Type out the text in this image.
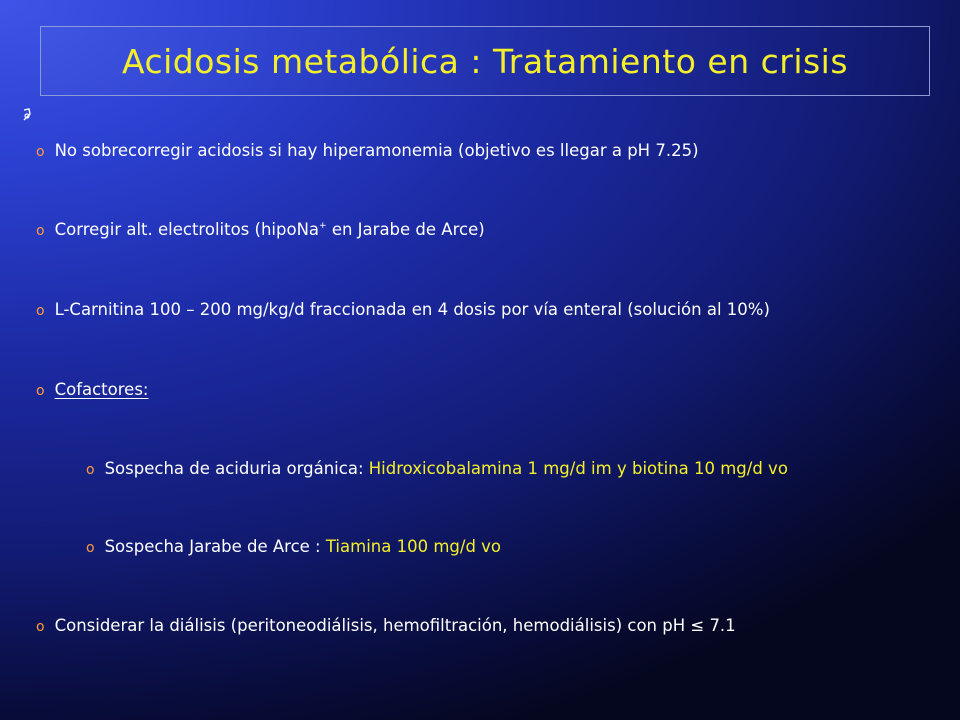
Acidosis metabólica : Tratamiento en crisis
o No sobrecorregir acidosis si hay hiperamonemia (objetivo es llegar a pH 7.25)
o Corregir alt. electrolitos (hipoNa+ en Jarabe de Arce)
o L-Carnitina 100 – 200 mg/kg/d fraccionada en 4 dosis por vía enteral (solución al 10%)
o Cofactores:
o Sospecha de aciduria orgánica: Hidroxicobalamina 1 mg/d im y biotina 10 mg/d vo
o Sospecha Jarabe de Arce : Tiamina 100 mg/d vo
o Considerar la diálisis (peritoneodiálisis, hemofiltración, hemodiálisis) con pH ≤ 7.1
